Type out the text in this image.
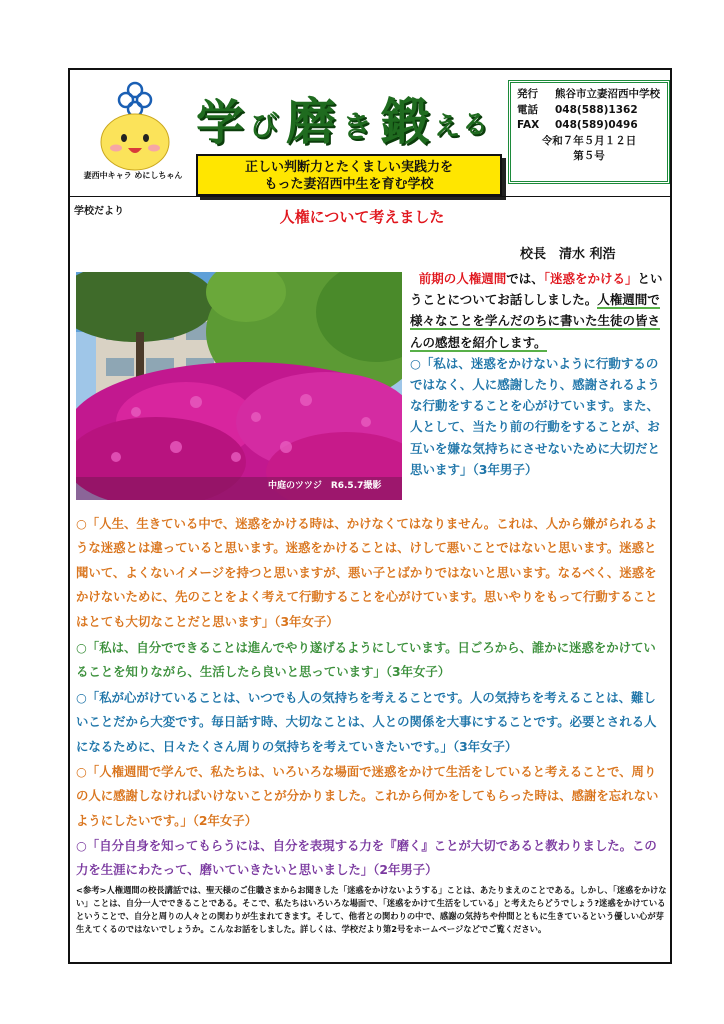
妻西中キャラ めにしちゃん
学 び 磨 き 鍛 え る
正しい判断力とたくましい実践力を
もった妻沼西中生を育む学校
発行	熊谷市立妻沼西中学校
電話	048(588)1362
FAX	048(589)0496
令和７年５月１２日
第５号
学校だより	人権について考えました
校長　清水 利浩
中庭のツツジ　R6.5.7撮影
前期の人権週間では、「迷惑をかける」ということについてお話ししました。人権週間で様々なことを学んだのちに書いた生徒の皆さんの感想を紹介します。
○「私は、迷惑をかけないように行動するのではなく、人に感謝したり、感謝されるような行動をすることを心がけています。また、人として、当たり前の行動をすることが、お互いを嫌な気持ちにさせないために大切だと思います」（3年男子）
○「人生、生きている中で、迷惑をかける時は、かけなくてはなりません。これは、人から嫌がられるような迷惑とは違っていると思います。迷惑をかけることは、けして悪いことではないと思います。迷惑と聞いて、よくないイメージを持つと思いますが、悪い子とばかりではないと思います。なるべく、迷惑をかけないために、先のことをよく考えて行動することを心がけています。思いやりをもって行動することはとても大切なことだと思います」（3年女子）
○「私は、自分でできることは進んでやり遂げるようにしています。日ごろから、誰かに迷惑をかけていることを知りながら、生活したら良いと思っています」（3年女子）
○「私が心がけていることは、いつでも人の気持ちを考えることです。人の気持ちを考えることは、難しいことだから大変です。毎日話す時、大切なことは、人との関係を大事にすることです。必要とされる人になるために、日々たくさん周りの気持ちを考えていきたいです。」（3年女子）
○「人権週間で学んで、私たちは、いろいろな場面で迷惑をかけて生活をしていると考えることで、周りの人に感謝しなければいけないことが分かりました。これから何かをしてもらった時は、感謝を忘れないようにしたいです。」（2年女子）
○「自分自身を知ってもらうには、自分を表現する力を『磨く』ことが大切であると教わりました。この力を生涯にわたって、磨いていきたいと思いました」（2年男子）
<参考>人権週間の校長講話では、聖天様のご住職さまからお聞きした「迷惑をかけないようする」ことは、あたりまえのことである。しかし、「迷惑をかけない」ことは、自分一人でできることである。そこで、私たちはいろいろな場面で、「迷惑をかけて生活をしている」と考えたらどうでしょう?迷惑をかけているということで、自分と周りの人々との関わりが生まれてきます。そして、他者との関わりの中で、感謝の気持ちや仲間とともに生きているという優しい心が芽生えてくるのではないでしょうか。こんなお話をしました。詳しくは、学校だより第2号をホームページなどでご覧ください。
